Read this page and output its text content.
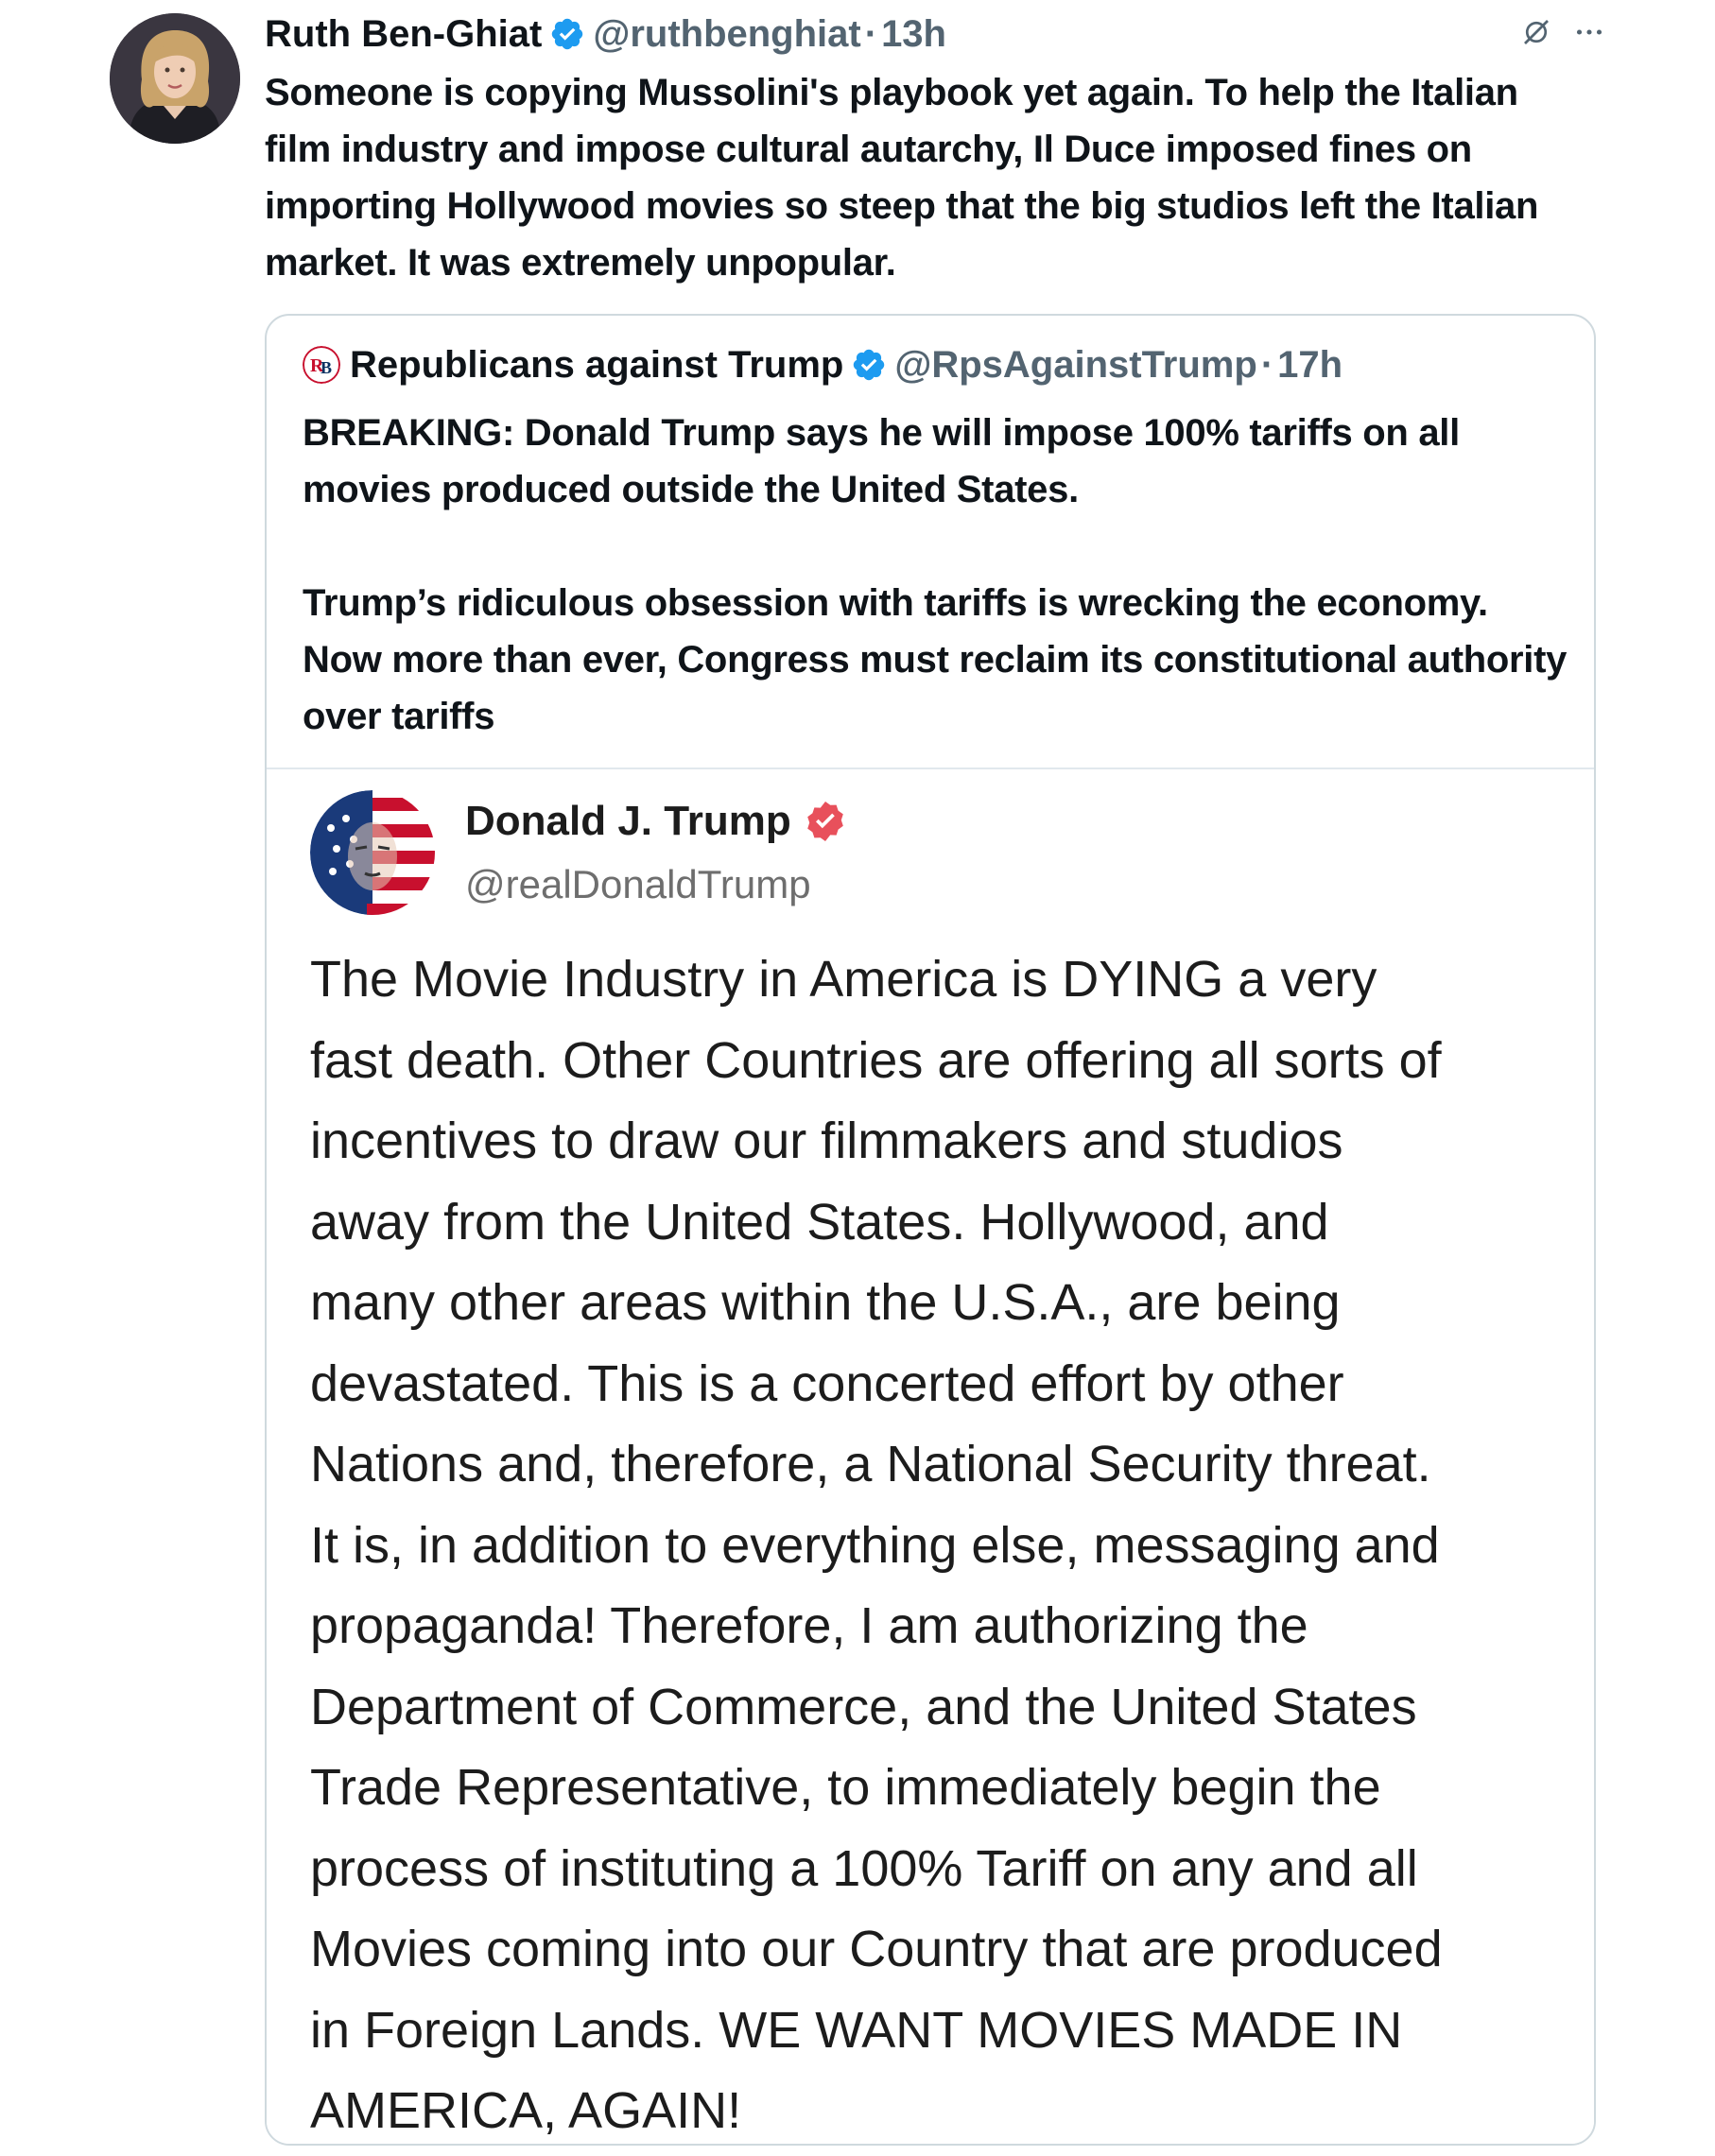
Ruth Ben-Ghiat @ruthbenghiat · 13h
Someone is copying Mussolini's playbook yet again. To help the Italian film industry and impose cultural autarchy, Il Duce imposed fines on importing Hollywood movies so steep that the big studios left the Italian market. It was extremely unpopular.
R
B Republicans against Trump @RpsAgainstTrump · 17h

BREAKING: Donald Trump says he will impose 100% tariffs on all movies produced outside the United States.

Trump’s ridiculous obsession with tariffs is wrecking the economy. Now more than ever, Congress must reclaim its constitutional authority over tariffs

Donald J. Trump
@realDonaldTrump
The Movie Industry in America is DYING a very
fast death. Other Countries are offering all sorts of
incentives to draw our filmmakers and studios
away from the United States. Hollywood, and
many other areas within the U.S.A., are being
devastated. This is a concerted effort by other
Nations and, therefore, a National Security threat.
It is, in addition to everything else, messaging and
propaganda! Therefore, I am authorizing the
Department of Commerce, and the United States
Trade Representative, to immediately begin the
process of instituting a 100% Tariff on any and all
Movies coming into our Country that are produced
in Foreign Lands. WE WANT MOVIES MADE IN
AMERICA, AGAIN!
